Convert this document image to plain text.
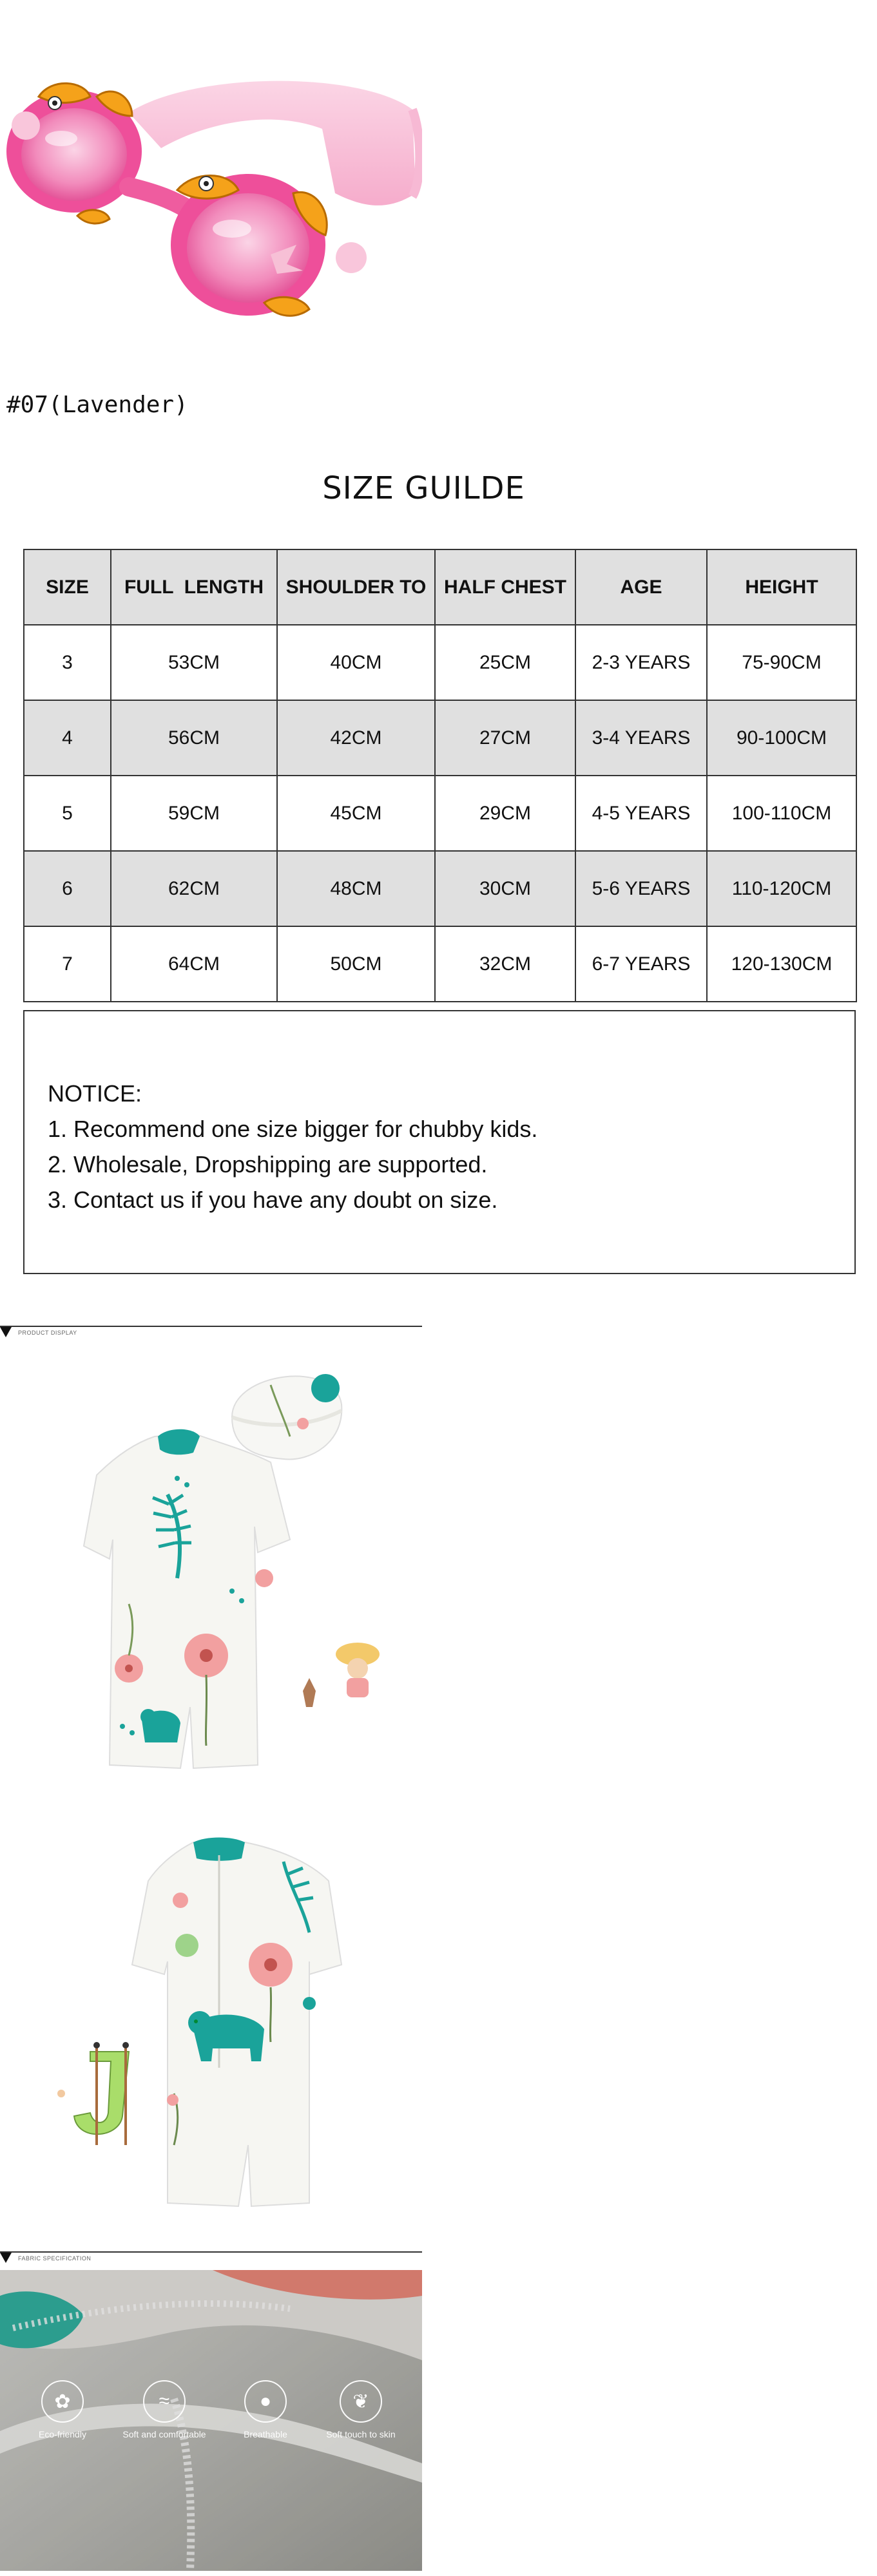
#07(Lavender)
SIZE GUILDE
SIZE	FULL  LENGTH	SHOULDER TO	HALF CHEST	AGE	HEIGHT
3	53CM	40CM	25CM	2-3 YEARS	75-90CM
4	56CM	42CM	27CM	3-4 YEARS	90-100CM
5	59CM	45CM	29CM	4-5 YEARS	100-110CM
6	62CM	48CM	30CM	5-6 YEARS	110-120CM
7	64CM	50CM	32CM	6-7 YEARS	120-130CM
NOTICE:
1. Recommend one size bigger for chubby kids.
2. Wholesale, Dropshipping are supported.
3. Contact us if you have any doubt on size.
PRODUCT DISPLAY
FABRIC SPECIFICATION
✿
Eco-friendly
≈
Soft and comfortable
●
Breathable
❦
Soft touch to skin
